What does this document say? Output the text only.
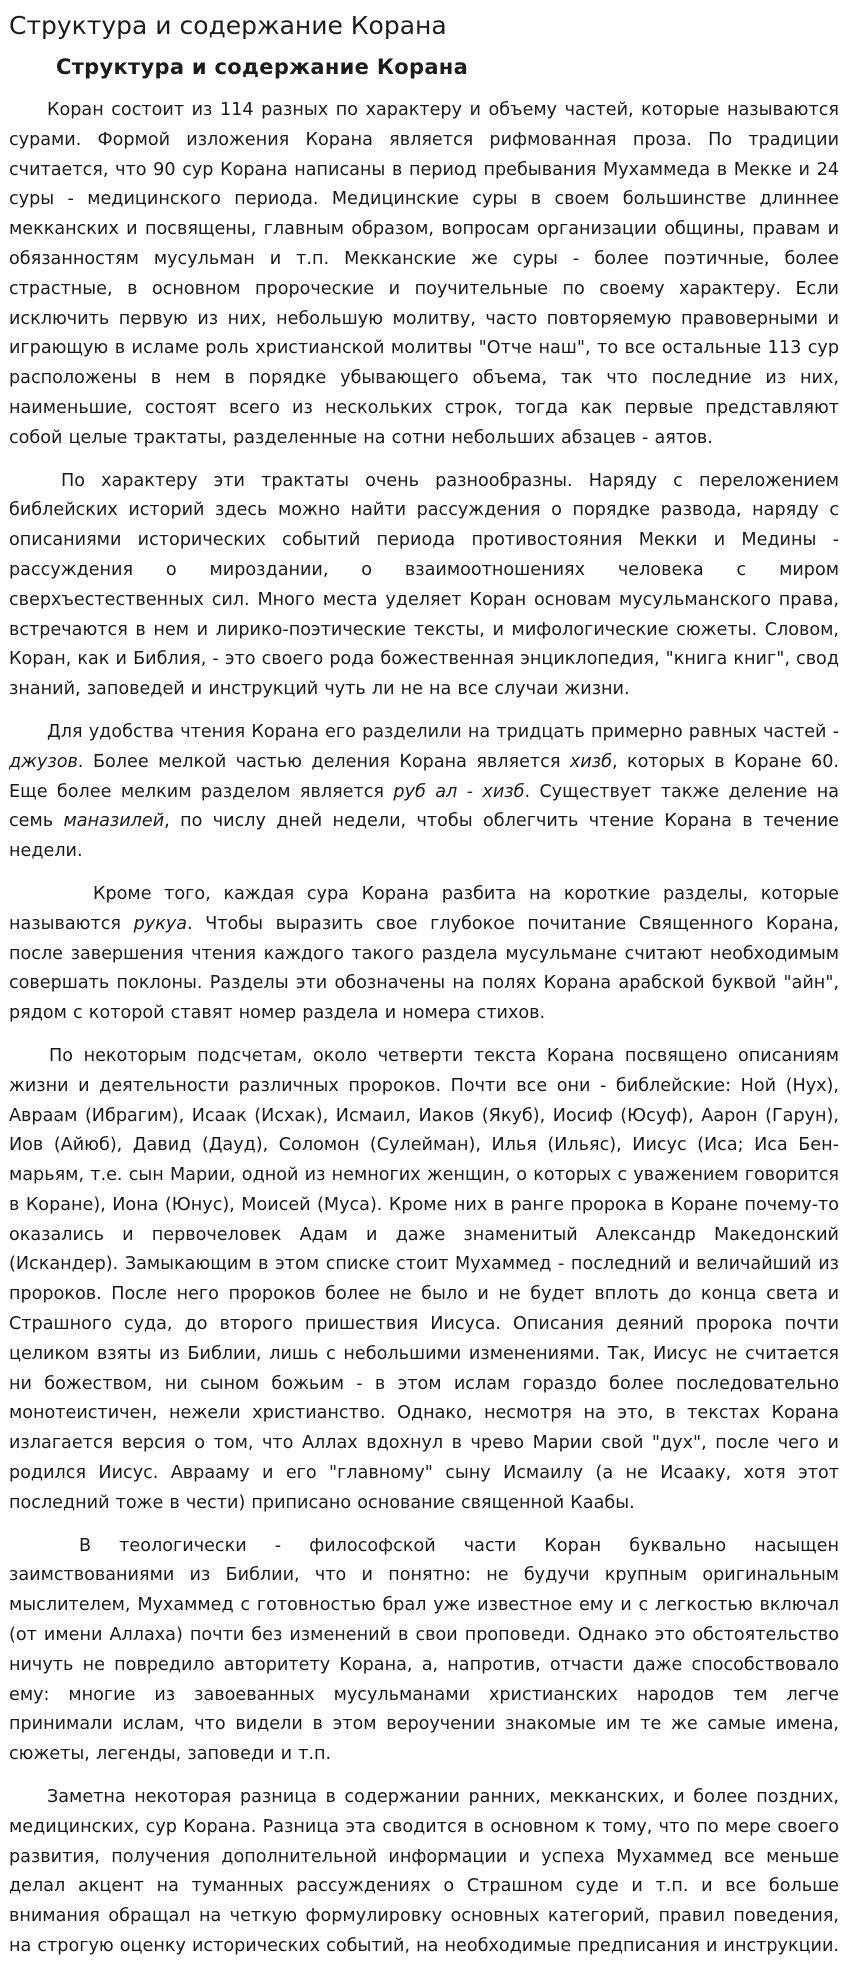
Структура и содержание Корана
Структура и содержание Корана

Коран состоит из 114 разных по характеру и объему частей, которые называются сурами. Формой изложения Корана является рифмованная проза. По традиции считается, что 90 сур Корана написаны в период пребывания Мухаммеда в Мекке и 24 суры - медицинского периода. Медицинские суры в своем большинстве длиннее мекканских и посвящены, главным образом, вопросам организации общины, правам и обязанностям мусульман и т.п. Мекканские же суры - более поэтичные, более страстные, в основном пророческие и поучительные по своему характеру. Если исключить первую из них, небольшую молитву, часто повторяемую правоверными и играющую в исламе роль христианской молитвы "Отче наш", то все остальные 113 сур расположены в нем в порядке убывающего объема, так что последние из них, наименьшие, состоят всего из нескольких строк, тогда как первые представляют собой целые трактаты, разделенные на сотни небольших абзацев - аятов.

По характеру эти трактаты очень разнообразны. Наряду с переложением библейских историй здесь можно найти рассуждения о порядке развода, наряду с описаниями исторических событий периода противостояния Мекки и Медины - рассуждения о мироздании, о взаимоотношениях человека с миром сверхъестественных сил. Много места уделяет Коран основам мусульманского права, встречаются в нем и лирико-поэтические тексты, и мифологические сюжеты. Словом, Коран, как и Библия, - это своего рода божественная энциклопедия, "книга книг", свод знаний, заповедей и инструкций чуть ли не на все случаи жизни.

Для удобства чтения Корана его разделили на тридцать примерно равных частей - джузов. Более мелкой частью деления Корана является хизб, которых в Коране 60. Еще более мелким разделом является руб ал - хизб. Существует также деление на семь маназилей, по числу дней недели, чтобы облегчить чтение Корана в течение недели.

Кроме того, каждая сура Корана разбита на короткие разделы, которые называются рукуа. Чтобы выразить свое глубокое почитание Священного Корана, после завершения чтения каждого такого раздела мусульмане считают необходимым совершать поклоны. Разделы эти обозначены на полях Корана арабской буквой "айн", рядом с которой ставят номер раздела и номера стихов.

По некоторым подсчетам, около четверти текста Корана посвящено описаниям жизни и деятельности различных пророков. Почти все они - библейские: Ной (Нух), Авраам (Ибрагим), Исаак (Исхак), Исмаил, Иаков (Якуб), Иосиф (Юсуф), Аарон (Гарун), Иов (Айюб), Давид (Дауд), Соломон (Сулейман), Илья (Ильяс), Иисус (Иса; Иса Бен-марьям, т.е. сын Марии, одной из немногих женщин, о которых с уважением говорится в Коране), Иона (Юнус), Моисей (Муса). Кроме них в ранге пророка в Коране почему-то оказались и первочеловек Адам и даже знаменитый Александр Македонский (Искандер). Замыкающим в этом списке стоит Мухаммед - последний и величайший из пророков. После него пророков более не было и не будет вплоть до конца света и Страшного суда, до второго пришествия Иисуса. Описания деяний пророка почти целиком взяты из Библии, лишь с небольшими изменениями. Так, Иисус не считается ни божеством, ни сыном божьим - в этом ислам гораздо более последовательно монотеистичен, нежели христианство. Однако, несмотря на это, в текстах Корана излагается версия о том, что Аллах вдохнул в чрево Марии свой "дух", после чего и родился Иисус. Аврааму и его "главному" сыну Исмаилу (а не Исааку, хотя этот последний тоже в чести) приписано основание священной Каабы.

В теологически - философской части Коран буквально насыщен заимствованиями из Библии, что и понятно: не будучи крупным оригинальным мыслителем, Мухаммед с готовностью брал уже известное ему и с легкостью включал (от имени Аллаха) почти без изменений в свои проповеди. Однако это обстоятельство ничуть не повредило авторитету Корана, а, напротив, отчасти даже способствовало ему: многие из завоеванных мусульманами христианских народов тем легче принимали ислам, что видели в этом вероучении знакомые им те же самые имена, сюжеты, легенды, заповеди и т.п.

Заметна некоторая разница в содержании ранних, мекканских, и более поздних, медицинских, сур Корана. Разница эта сводится в основном к тому, что по мере своего развития, получения дополнительной информации и успеха Мухаммед все меньше делал акцент на туманных рассуждениях о Страшном суде и т.п. и все больше внимания обращал на четкую формулировку основных категорий, правил поведения, на строгую оценку исторических событий, на необходимые предписания и инструкции.
